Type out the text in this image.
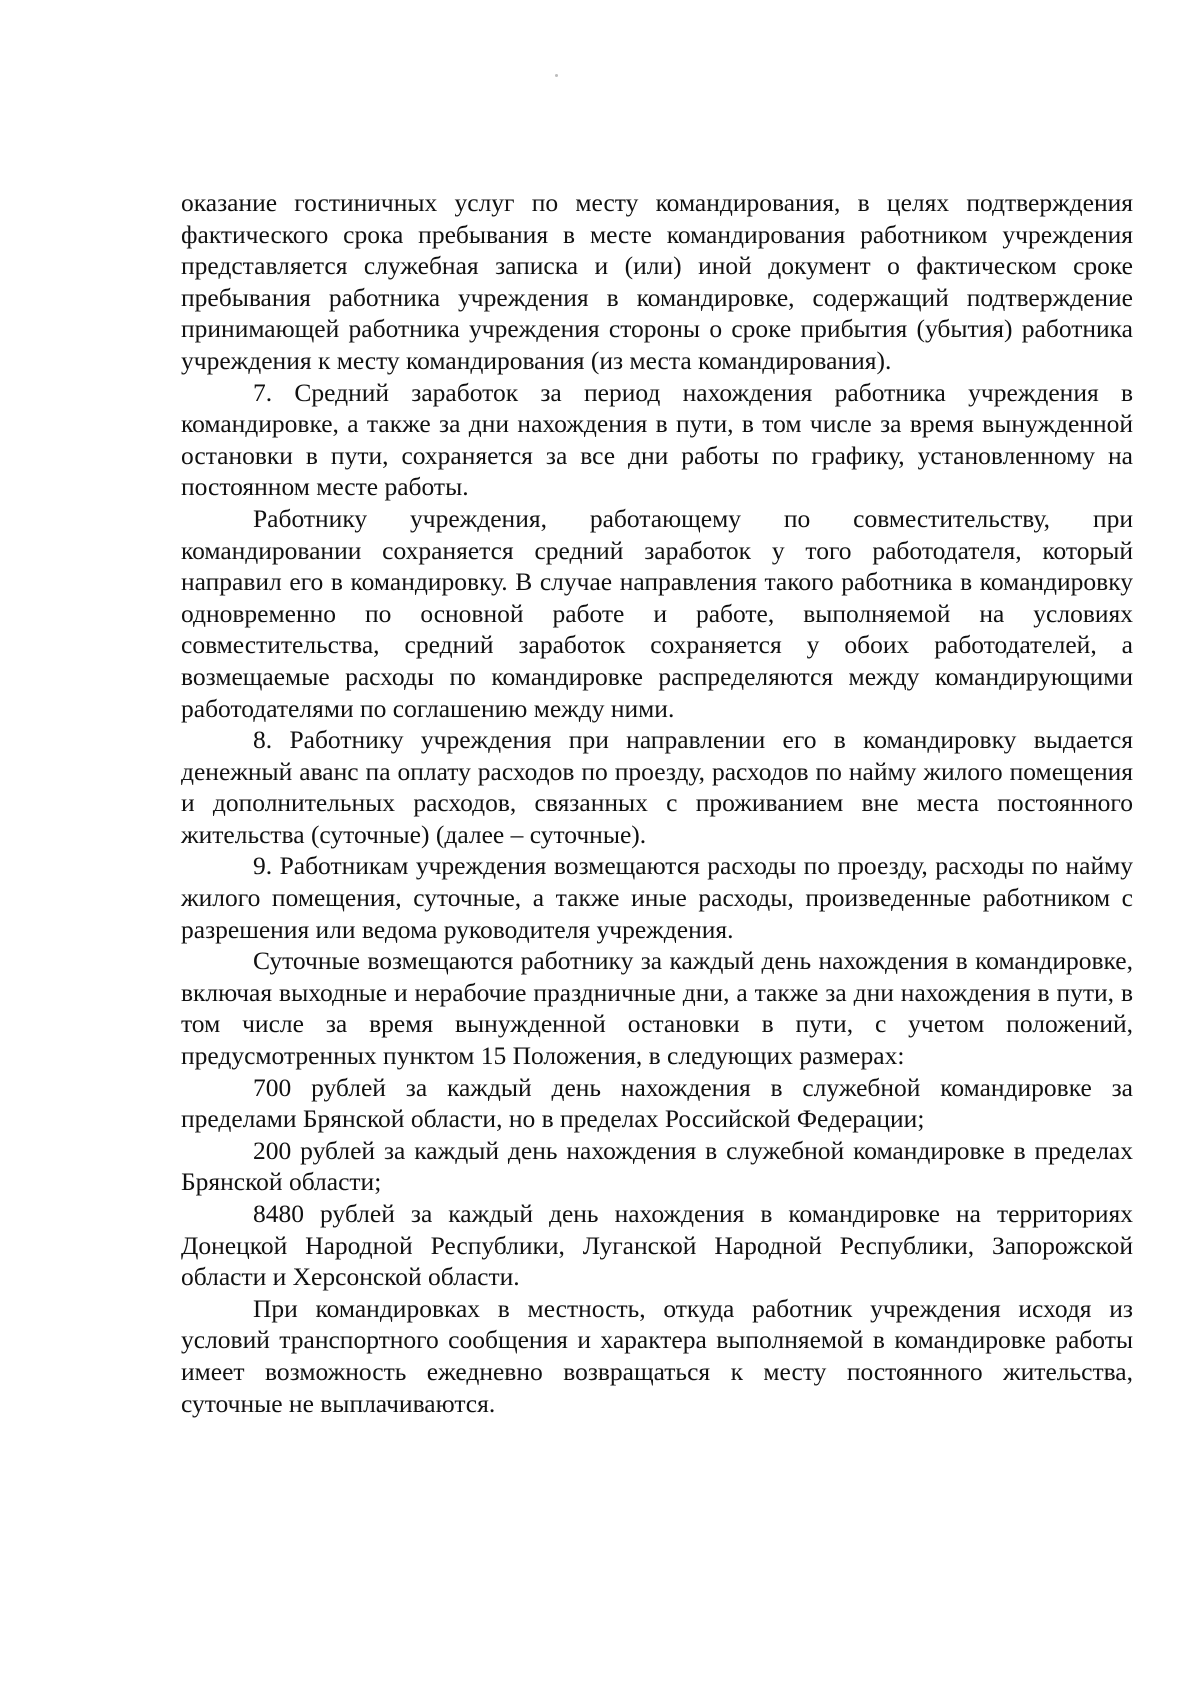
оказание гостиничных услуг по месту командирования, в целях подтверждения фактического срока пребывания в месте командирования работником учреждения представляется служебная записка и (или) иной документ о фактическом сроке пребывания работника учреждения в командировке, содержащий подтверждение принимающей работника учреждения стороны о сроке прибытия (убытия) работника учреждения к месту командирования (из места командирования).

7. Средний заработок за период нахождения работника учреждения в командировке, а также за дни нахождения в пути, в том числе за время вынужденной остановки в пути, сохраняется за все дни работы по графику, установленному на постоянном месте работы.

Работнику учреждения, работающему по совместительству, при командировании сохраняется средний заработок у того работодателя, который направил его в командировку. В случае направления такого работника в командировку одновременно по основной работе и работе, выполняемой на условиях совместительства, средний заработок сохраняется у обоих работодателей, а возмещаемые расходы по командировке распределяются между командирующими работодателями по соглашению между ними.

8. Работнику учреждения при направлении его в командировку выдается денежный аванс па оплату расходов по проезду, расходов по найму жилого помещения и дополнительных расходов, связанных с проживанием вне места постоянного жительства (суточные) (далее – суточные).

9. Работникам учреждения возмещаются расходы по проезду, расходы по найму жилого помещения, суточные, а также иные расходы, произведенные работником с разрешения или ведома руководителя учреждения.

Суточные возмещаются работнику за каждый день нахождения в командировке, включая выходные и нерабочие праздничные дни, а также за дни нахождения в пути, в том числе за время вынужденной остановки в пути, с учетом положений, предусмотренных пунктом 15 Положения, в следующих размерах:

700 рублей за каждый день нахождения в служебной командировке за пределами Брянской области, но в пределах Российской Федерации;

200 рублей за каждый день нахождения в служебной командировке в пределах Брянской области;

8480 рублей за каждый день нахождения в командировке на территориях Донецкой Народной Республики, Луганской Народной Республики, Запорожской области и Херсонской области.

При командировках в местность, откуда работник учреждения исходя из условий транспортного сообщения и характера выполняемой в командировке работы имеет возможность ежедневно возвращаться к месту постоянного жительства, суточные не выплачиваются.
